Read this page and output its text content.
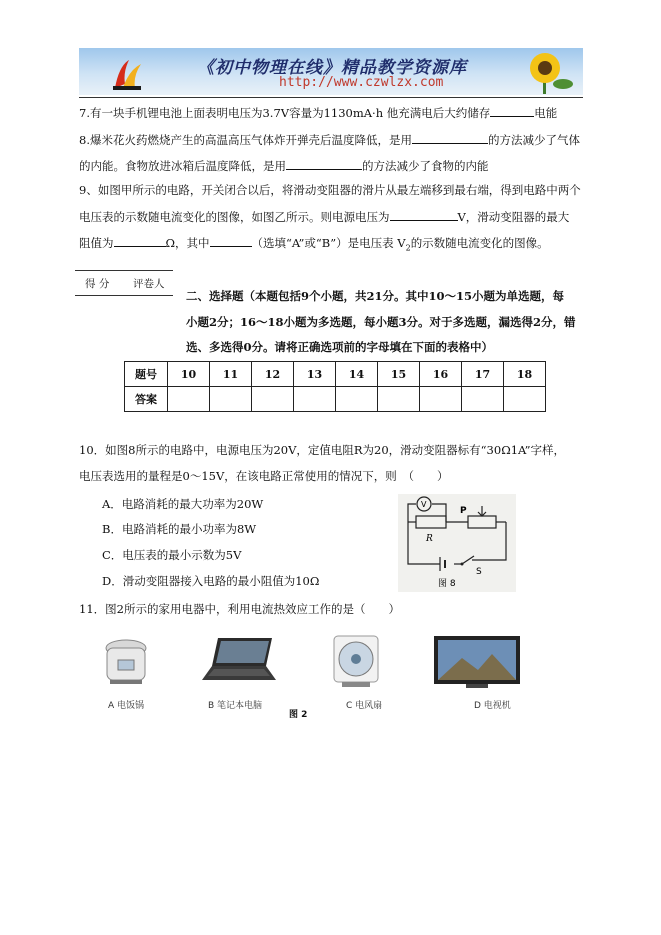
《初中物理在线》精品教学资源库
http://www.czwlzx.com
7.有一块手机锂电池上面表明电压为3.7V容量为1130mA·h 他充满电后大约储存	电能
8.爆米花火药燃烧产生的高温高压气体炸开弹壳后温度降低，是用	的方法减少了气体
的内能。食物放进冰箱后温度降低，是用	的方法减少了食物的内能
9、如图甲所示的电路，开关闭合以后，将滑动变阻器的滑片从最左端移到最右端，得到电路中两个
电压表的示数随电流变化的图像，如图乙所示。则电源电压为	V，滑动变阻器的最大
阻值为	Ω，其中	（选填“A”或“B”）是电压表 $V_2$的示数随电流变化的图像。
得 分 评卷人
二、选择题（本题包括9个小题，共21分。其中10～15小题为单选题，每
小题2分；16～18小题为多选题，每小题3分。对于多选题，漏选得2分，错
选、多选得0分。请将正确选项前的字母填在下面的表格中）
题号	10	11	12	13	14	15	16	17	18
答案									
10．如图8所示的电路中，电源电压为20V，定值电阻R为20，滑动变阻器标有“30Ω1A”字样，
电压表选用的量程是0～15V，在该电路正常使用的情况下，则　（　　）
A．电路消耗的最大功率为20W
B．电路消耗的最小功率为8W
C．电压表的最小示数为5V
D．滑动变阻器接入电路的最小阻值为10Ω
V
P
R
S
图 8
11．图2所示的家用电器中，利用电流热效应工作的是（　　）
A 电饭锅	B 笔记本电脑	C 电风扇	D 电视机
图 2
